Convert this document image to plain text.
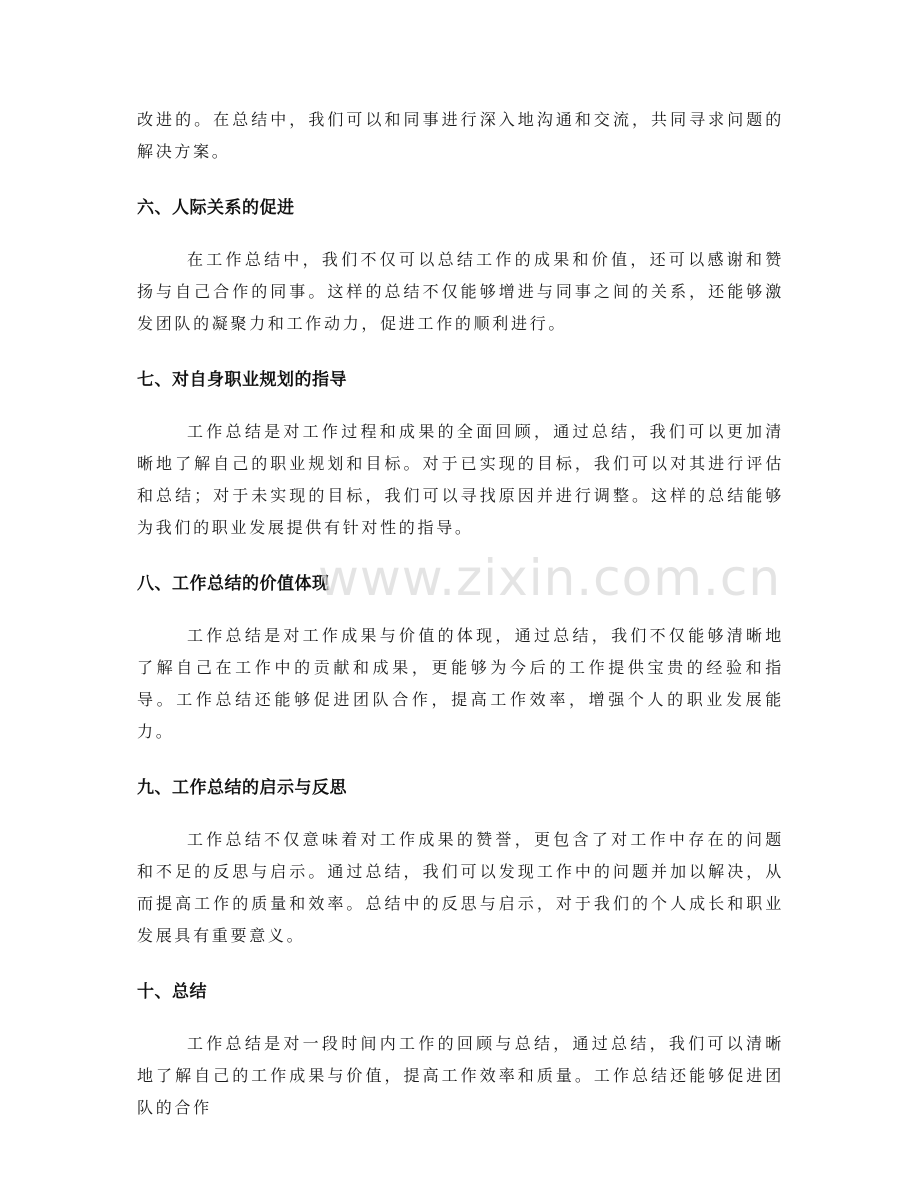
改进的。在总结中，我们可以和同事进行深入地沟通和交流，共同寻求问题的解决方案。

六、人际关系的促进

在工作总结中，我们不仅可以总结工作的成果和价值，还可以感谢和赞扬与自己合作的同事。这样的总结不仅能够增进与同事之间的关系，还能够激发团队的凝聚力和工作动力，促进工作的顺利进行。

七、对自身职业规划的指导

工作总结是对工作过程和成果的全面回顾，通过总结，我们可以更加清晰地了解自己的职业规划和目标。对于已实现的目标，我们可以对其进行评估和总结；对于未实现的目标，我们可以寻找原因并进行调整。这样的总结能够为我们的职业发展提供有针对性的指导。

八、工作总结的价值体现

工作总结是对工作成果与价值的体现，通过总结，我们不仅能够清晰地了解自己在工作中的贡献和成果，更能够为今后的工作提供宝贵的经验和指导。工作总结还能够促进团队合作，提高工作效率，增强个人的职业发展能力。

九、工作总结的启示与反思

工作总结不仅意味着对工作成果的赞誉，更包含了对工作中存在的问题和不足的反思与启示。通过总结，我们可以发现工作中的问题并加以解决，从而提高工作的质量和效率。总结中的反思与启示，对于我们的个人成长和职业发展具有重要意义。

十、总结

工作总结是对一段时间内工作的回顾与总结，通过总结，我们可以清晰地了解自己的工作成果与价值，提高工作效率和质量。工作总结还能够促进团队的合作

www.zixin.com.cn
